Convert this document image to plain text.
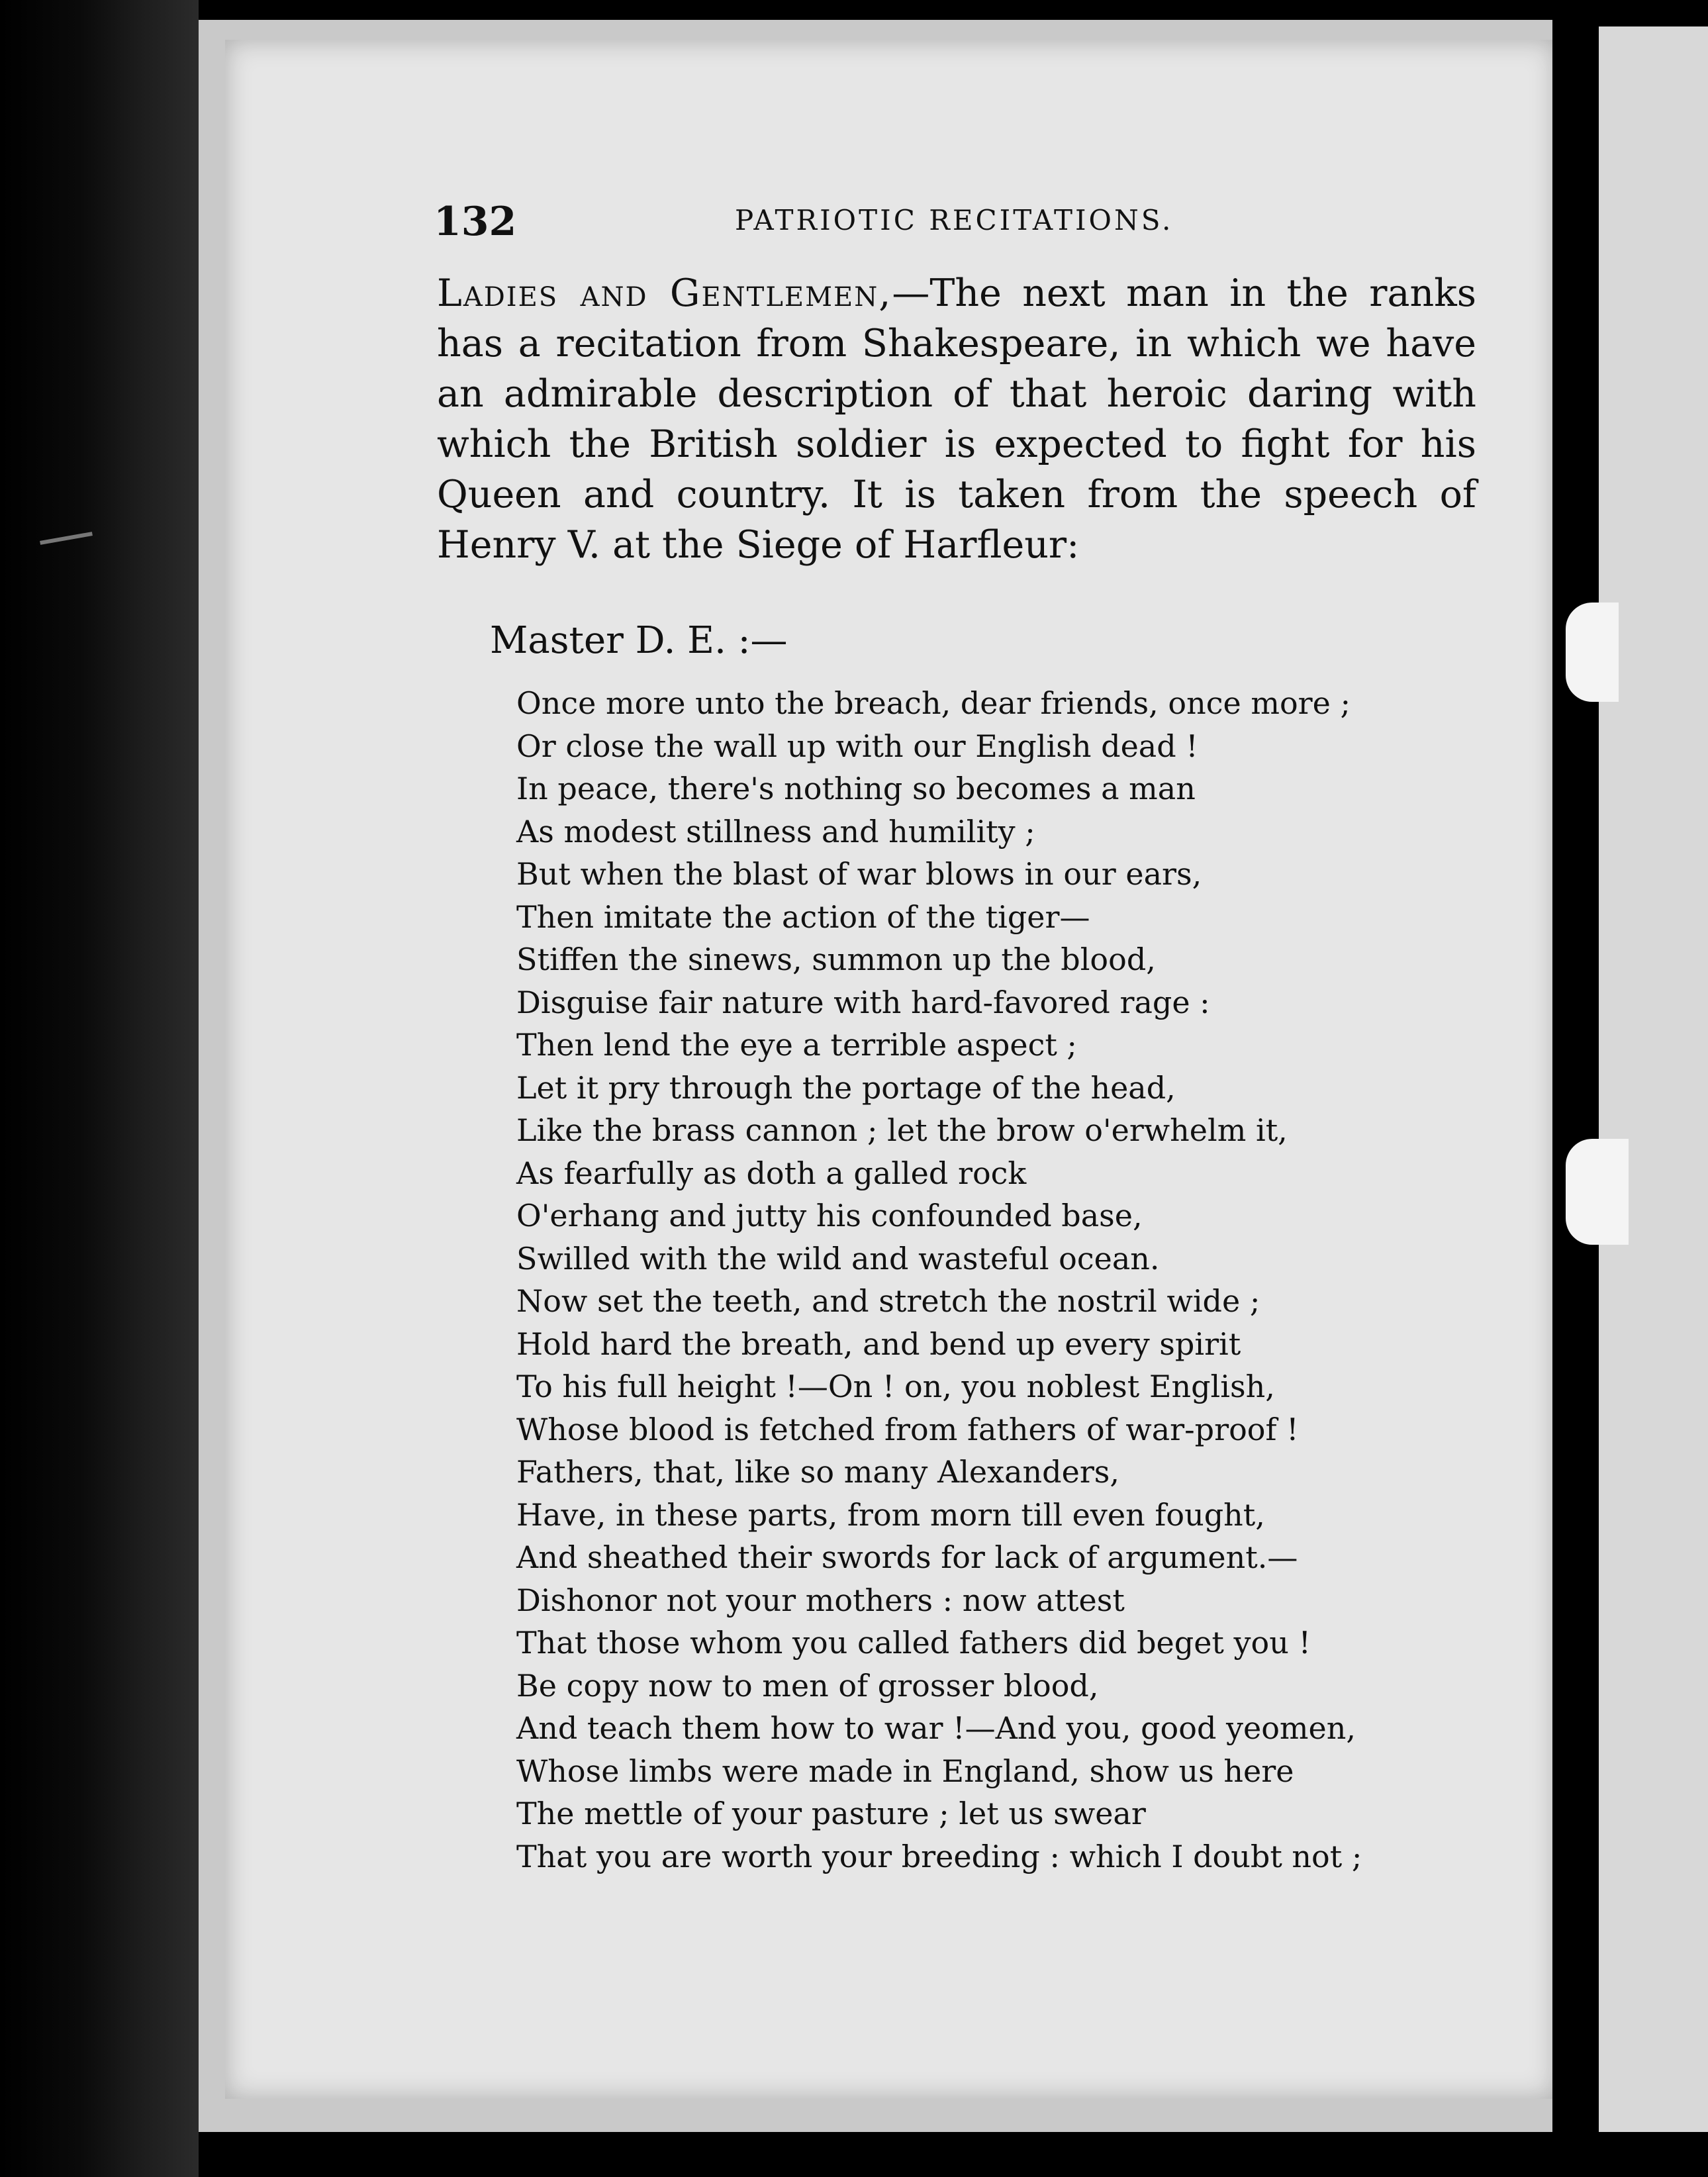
132	PATRIOTIC RECITATIONS.
Ladies and Gentlemen,—The next man in the ranks has a recitation from Shakespeare, in which we have an admirable description of that heroic daring with which the British soldier is expected to fight for his Queen and country. It is taken from the speech of Henry V. at the Siege of Harfleur:
Master D. E. :—
Once more unto the breach, dear friends, once more ;
Or close the wall up with our English dead !
In peace, there's nothing so becomes a man
As modest stillness and humility ;
But when the blast of war blows in our ears,
Then imitate the action of the tiger—
Stiffen the sinews, summon up the blood,
Disguise fair nature with hard-favored rage :
Then lend the eye a terrible aspect ;
Let it pry through the portage of the head,
Like the brass cannon ; let the brow o'erwhelm it,
As fearfully as doth a galled rock
O'erhang and jutty his confounded base,
Swilled with the wild and wasteful ocean.
Now set the teeth, and stretch the nostril wide ;
Hold hard the breath, and bend up every spirit
To his full height !—On ! on, you noblest English,
Whose blood is fetched from fathers of war-proof !
Fathers, that, like so many Alexanders,
Have, in these parts, from morn till even fought,
And sheathed their swords for lack of argument.—
Dishonor not your mothers : now attest
That those whom you called fathers did beget you !
Be copy now to men of grosser blood,
And teach them how to war !—And you, good yeomen,
Whose limbs were made in England, show us here
The mettle of your pasture ; let us swear
That you are worth your breeding : which I doubt not ;
